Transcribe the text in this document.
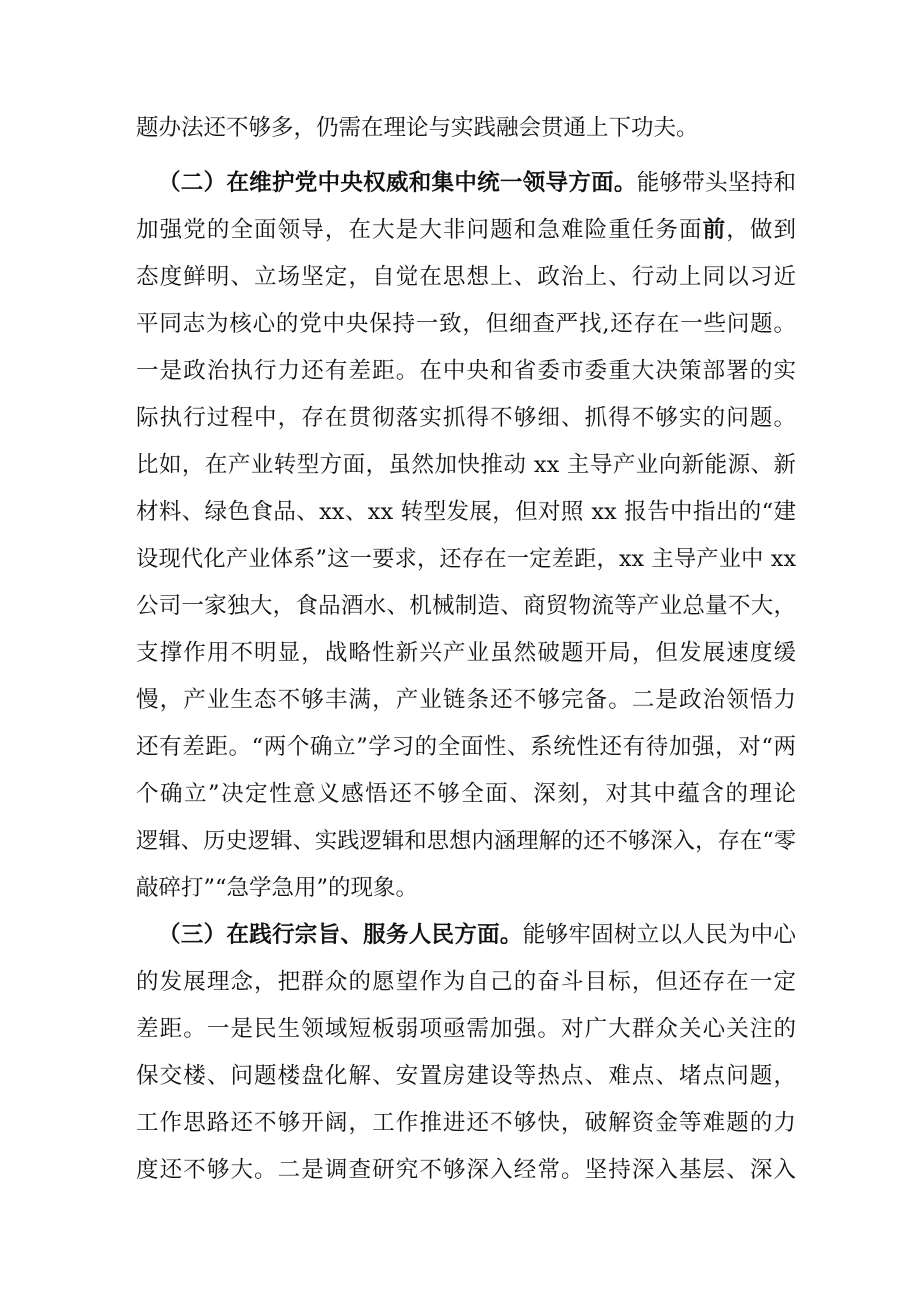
题办法还不够多，仍需在理论与实践融会贯通上下功夫。
（二）在维护党中央权威和集中统一领导方面。能够带头坚持和
加强党的全面领导，在大是大非问题和急难险重任务面前，做到
态度鲜明、立场坚定，自觉在思想上、政治上、行动上同以习近
平同志为核心的党中央保持一致，但细查严找,还存在一些问题。
一是政治执行力还有差距。在中央和省委市委重大决策部署的实
际执行过程中，存在贯彻落实抓得不够细、抓得不够实的问题。
比如，在产业转型方面，虽然加快推动 xx 主导产业向新能源、新
材料、绿色食品、xx、xx 转型发展，但对照 xx 报告中指出的“建
设现代化产业体系”这一要求，还存在一定差距，xx 主导产业中 xx
公司一家独大，食品酒水、机械制造、商贸物流等产业总量不大，
支撑作用不明显，战略性新兴产业虽然破题开局，但发展速度缓
慢，产业生态不够丰满，产业链条还不够完备。二是政治领悟力
还有差距。“两个确立”学习的全面性、系统性还有待加强，对“两
个确立”决定性意义感悟还不够全面、深刻，对其中蕴含的理论
逻辑、历史逻辑、实践逻辑和思想内涵理解的还不够深入，存在“零
敲碎打”“急学急用”的现象。
（三）在践行宗旨、服务人民方面。能够牢固树立以人民为中心
的发展理念，把群众的愿望作为自己的奋斗目标，但还存在一定
差距。一是民生领域短板弱项亟需加强。对广大群众关心关注的
保交楼、问题楼盘化解、安置房建设等热点、难点、堵点问题，
工作思路还不够开阔，工作推进还不够快，破解资金等难题的力
度还不够大。二是调查研究不够深入经常。坚持深入基层、深入
